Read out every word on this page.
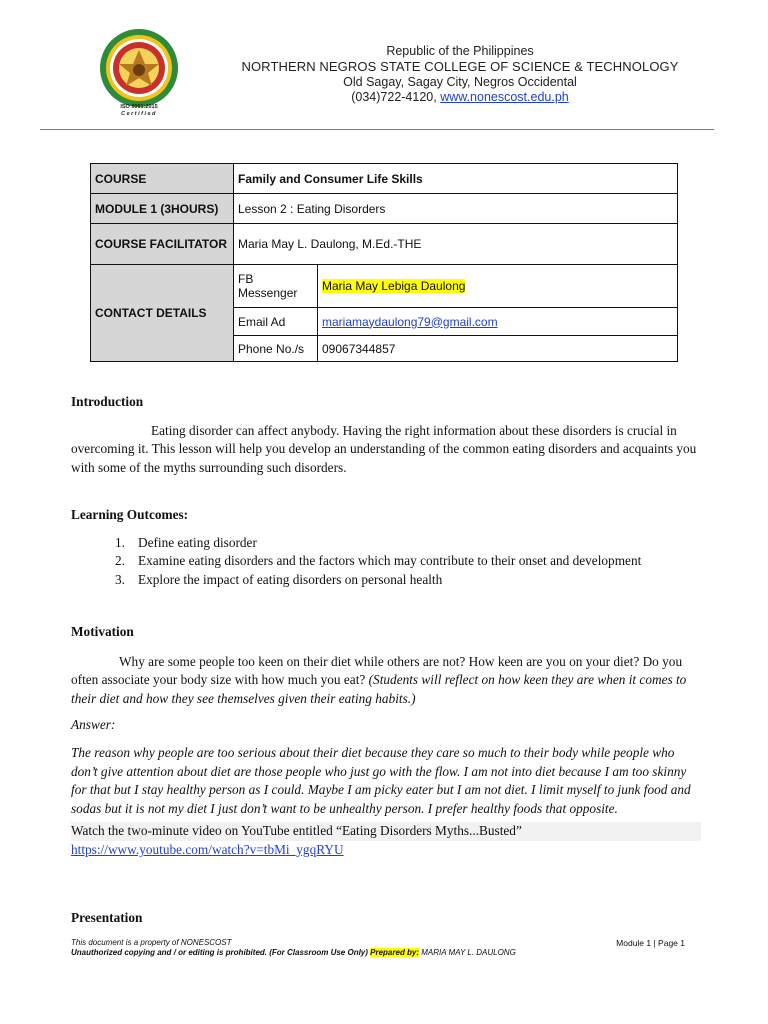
ISO 9001:2015
Certified
Republic of the Philippines
NORTHERN NEGROS STATE COLLEGE OF SCIENCE & TECHNOLOGY
Old Sagay, Sagay City, Negros Occidental
(034)722-4120, www.nonescost.edu.ph
COURSE	Family and Consumer Life Skills	
MODULE 1 (3HOURS)	Lesson 2 : Eating Disorders	
COURSE FACILITATOR	Maria May L. Daulong, M.Ed.-THE	
CONTACT DETAILS	FB Messenger	Maria May Lebiga Daulong
	Email Ad	mariamaydaulong79@gmail.com
	Phone No./s	09067344857
Introduction
Eating disorder can affect anybody. Having the right information about these disorders is crucial in overcoming it. This lesson will help you develop an understanding of the common eating disorders and acquaints you with some of the myths surrounding such disorders.
Learning Outcomes:
1. Define eating disorder
2. Examine eating disorders and the factors which may contribute to their onset and development
3. Explore the impact of eating disorders on personal health
Motivation
Why are some people too keen on their diet while others are not? How keen are you on your diet? Do you often associate your body size with how much you eat? (Students will reflect on how keen they are when it comes to their diet and how they see themselves given their eating habits.)
Answer:
The reason why people are too serious about their diet because they care so much to their body while people who don’t give attention about diet are those people who just go with the flow. I am not into diet because I am too skinny for that but I stay healthy person as I could. Maybe I am picky eater but I am not diet. I limit myself to junk food and sodas but it is not my diet I just don’t want to be unhealthy person. I prefer healthy foods that opposite.
Watch the two-minute video on YouTube entitled “Eating Disorders Myths...Busted”
https://www.youtube.com/watch?v=tbMi_ygqRYU
Presentation
This document is a property of NONESCOST
Unauthorized copying and / or editing is prohibited. (For Classroom Use Only) Prepared by: MARIA MAY L. DAULONG
Module 1 | Page 1
